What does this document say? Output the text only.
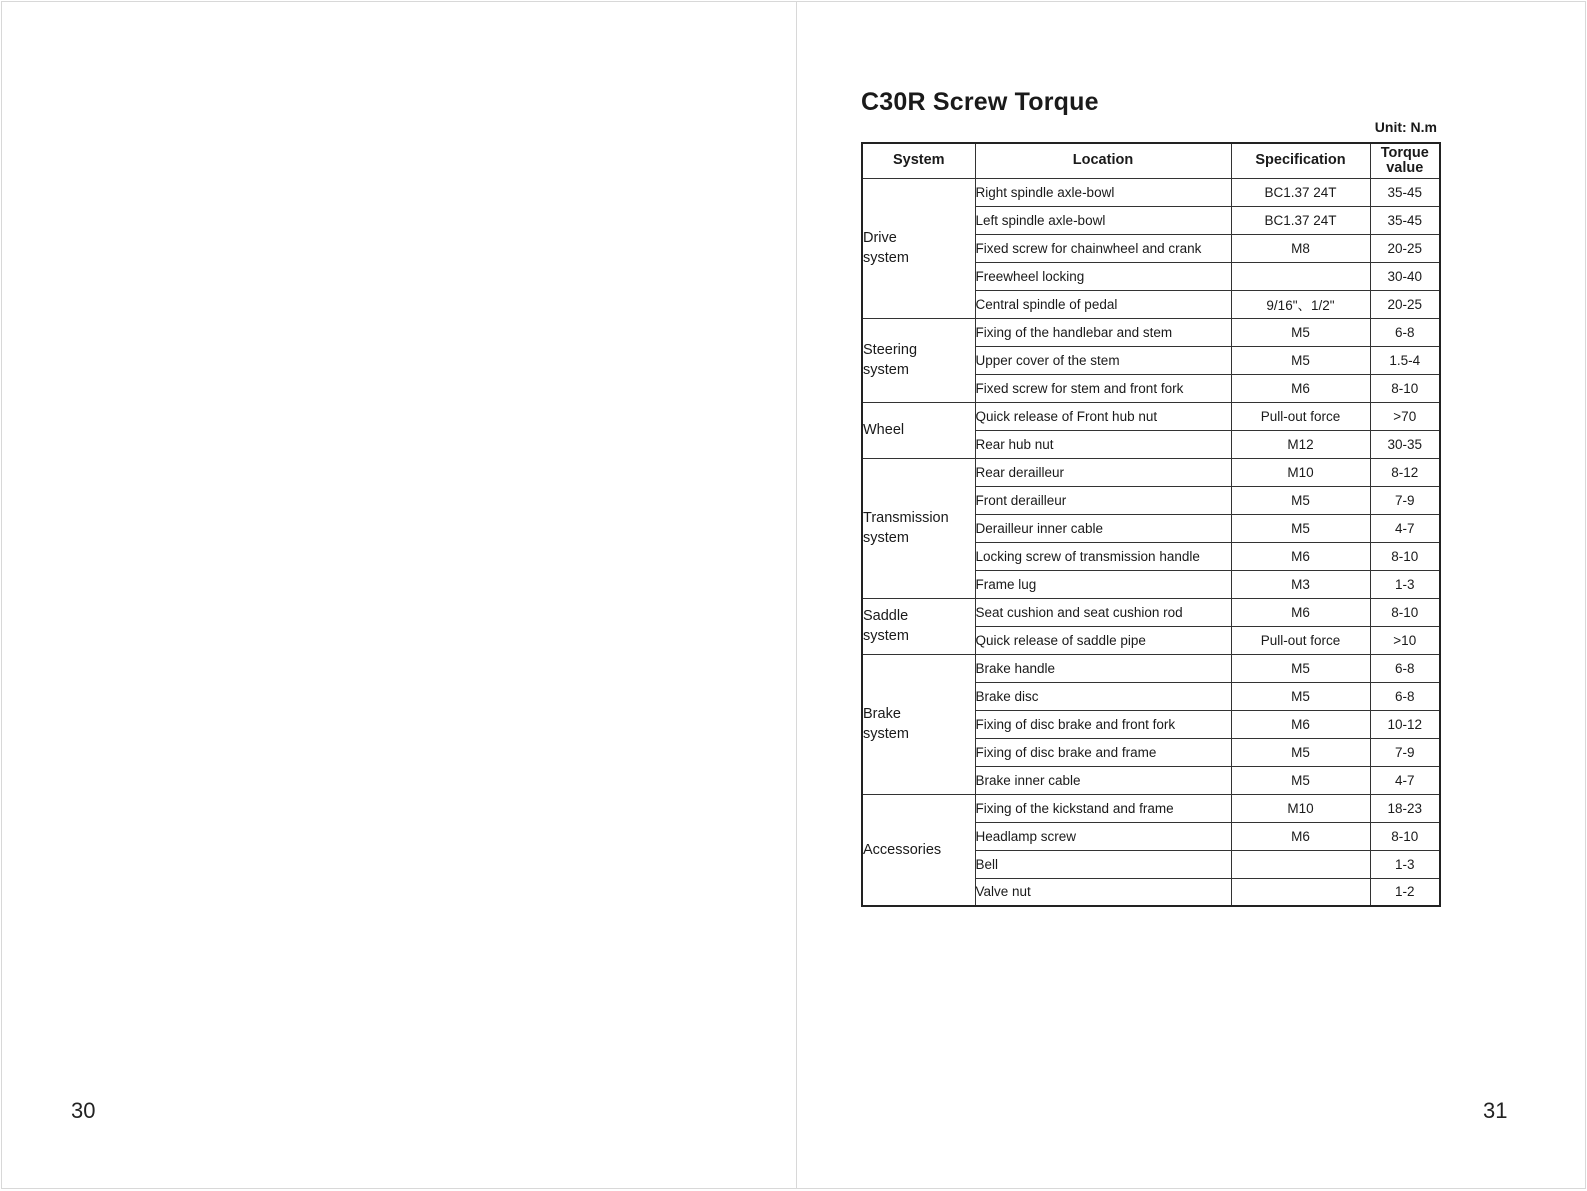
30
C30R Screw Torque
Unit: N.m
System	Location	Specification	Torque
value
Drive
system	Right spindle axle-bowl	BC1.37 24T	35-45
	Left spindle axle-bowl	BC1.37 24T	35-45
	Fixed screw for chainwheel and crank	M8	20-25
	Freewheel locking		30-40
	Central spindle of pedal	9/16"、1/2"	20-25
Steering
system	Fixing of the handlebar and stem	M5	6-8
	Upper cover of the stem	M5	1.5-4
	Fixed screw for stem and front fork	M6	8-10
Wheel	Quick release of Front hub nut	Pull-out force	>70
	Rear hub nut	M12	30-35
Transmission
system	Rear derailleur	M10	8-12
	Front derailleur	M5	7-9
	Derailleur inner cable	M5	4-7
	Locking screw of transmission handle	M6	8-10
	Frame lug	M3	1-3
Saddle
system	Seat cushion and seat cushion rod	M6	8-10
	Quick release of saddle pipe	Pull-out force	>10
Brake
system	Brake handle	M5	6-8
	Brake disc	M5	6-8
	Fixing of disc brake and front fork	M6	10-12
	Fixing of disc brake and frame	M5	7-9
	Brake inner cable	M5	4-7
Accessories	Fixing of the kickstand and frame	M10	18-23
	Headlamp screw	M6	8-10
	Bell		1-3
	Valve nut		1-2
31
